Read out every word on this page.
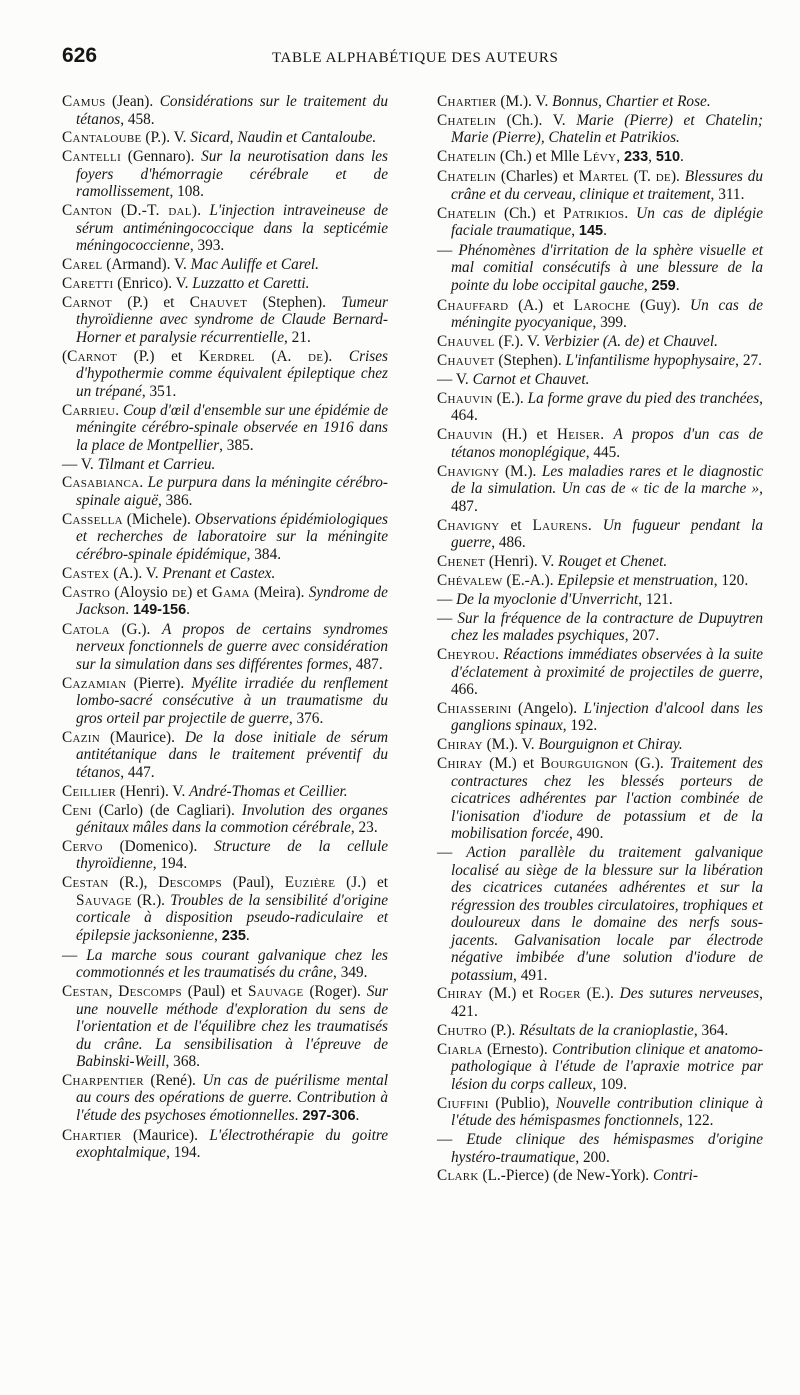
626	TABLE ALPHABÉTIQUE DES AUTEURS

Camus (Jean). Considérations sur le traitement du tétanos, 458.

Cantaloube (P.). V. Sicard, Naudin et Cantaloube.

Cantelli (Gennaro). Sur la neurotisation dans les foyers d'hémorragie cérébrale et de ramollissement, 108.

Canton (D.-T. dal). L'injection intraveineuse de sérum antiméningococcique dans la septicémie méningococcienne, 393.

Carel (Armand). V. Mac Auliffe et Carel.

Caretti (Enrico). V. Luzzatto et Caretti.

Carnot (P.) et Chauvet (Stephen). Tumeur thyroïdienne avec syndrome de Claude Bernard-Horner et paralysie récurrentielle, 21.

(Carnot (P.) et Kerdrel (A. de). Crises d'hypothermie comme équivalent épileptique chez un trépané, 351.

Carrieu. Coup d'œil d'ensemble sur une épidémie de méningite cérébro-spinale observée en 1916 dans la place de Montpellier, 385.

— V. Tilmant et Carrieu.

Casabianca. Le purpura dans la méningite cérébro-spinale aiguë, 386.

Cassella (Michele). Observations épidémiologiques et recherches de laboratoire sur la méningite cérébro-spinale épidémique, 384.

Castex (A.). V. Prenant et Castex.

Castro (Aloysio de) et Gama (Meira). Syndrome de Jackson. 149-156.

Catola (G.). A propos de certains syndromes nerveux fonctionnels de guerre avec considération sur la simulation dans ses différentes formes, 487.

Cazamian (Pierre). Myélite irradiée du renflement lombo-sacré consécutive à un traumatisme du gros orteil par projectile de guerre, 376.

Cazin (Maurice). De la dose initiale de sérum antitétanique dans le traitement préventif du tétanos, 447.

Ceillier (Henri). V. André-Thomas et Ceillier.

Ceni (Carlo) (de Cagliari). Involution des organes génitaux mâles dans la commotion cérébrale, 23.

Cervo (Domenico). Structure de la cellule thyroïdienne, 194.

Cestan (R.), Descomps (Paul), Euzière (J.) et Sauvage (R.). Troubles de la sensibilité d'origine corticale à disposition pseudo-radiculaire et épilepsie jacksonienne, 235.

— La marche sous courant galvanique chez les commotionnés et les traumatisés du crâne, 349.

Cestan, Descomps (Paul) et Sauvage (Roger). Sur une nouvelle méthode d'exploration du sens de l'orientation et de l'équilibre chez les traumatisés du crâne. La sensibilisation à l'épreuve de Babinski-Weill, 368.

Charpentier (René). Un cas de puérilisme mental au cours des opérations de guerre. Contribution à l'étude des psychoses émotionnelles. 297-306.

Chartier (Maurice). L'électrothérapie du goitre exophtalmique, 194.

Chartier (M.). V. Bonnus, Chartier et Rose.

Chatelin (Ch.). V. Marie (Pierre) et Chatelin; Marie (Pierre), Chatelin et Patrikios.

Chatelin (Ch.) et Mlle Lévy, 233, 510.

Chatelin (Charles) et Martel (T. de). Blessures du crâne et du cerveau, clinique et traitement, 311.

Chatelin (Ch.) et Patrikios. Un cas de diplégie faciale traumatique, 145.

— Phénomènes d'irritation de la sphère visuelle et mal comitial consécutifs à une blessure de la pointe du lobe occipital gauche, 259.

Chauffard (A.) et Laroche (Guy). Un cas de méningite pyocyanique, 399.

Chauvel (F.). V. Verbizier (A. de) et Chauvel.

Chauvet (Stephen). L'infantilisme hypophysaire, 27.

— V. Carnot et Chauvet.

Chauvin (E.). La forme grave du pied des tranchées, 464.

Chauvin (H.) et Heiser. A propos d'un cas de tétanos monoplégique, 445.

Chavigny (M.). Les maladies rares et le diagnostic de la simulation. Un cas de « tic de la marche », 487.

Chavigny et Laurens. Un fugueur pendant la guerre, 486.

Chenet (Henri). V. Rouget et Chenet.

Chévalew (E.-A.). Epilepsie et menstruation, 120.

— De la myoclonie d'Unverricht, 121.

— Sur la fréquence de la contracture de Dupuytren chez les malades psychiques, 207.

Cheyrou. Réactions immédiates observées à la suite d'éclatement à proximité de projectiles de guerre, 466.

Chiasserini (Angelo). L'injection d'alcool dans les ganglions spinaux, 192.

Chiray (M.). V. Bourguignon et Chiray.

Chiray (M.) et Bourguignon (G.). Traitement des contractures chez les blessés porteurs de cicatrices adhérentes par l'action combinée de l'ionisation d'iodure de potassium et de la mobilisation forcée, 490.

— Action parallèle du traitement galvanique localisé au siège de la blessure sur la libération des cicatrices cutanées adhérentes et sur la régression des troubles circulatoires, trophiques et douloureux dans le domaine des nerfs sous-jacents. Galvanisation locale par électrode négative imbibée d'une solution d'iodure de potassium, 491.

Chiray (M.) et Roger (E.). Des sutures nerveuses, 421.

Chutro (P.). Résultats de la cranioplastie, 364.

Ciarla (Ernesto). Contribution clinique et anatomo-pathologique à l'étude de l'apraxie motrice par lésion du corps calleux, 109.

Ciuffini (Publio), Nouvelle contribution clinique à l'étude des hémispasmes fonctionnels, 122.

— Etude clinique des hémispasmes d'origine hystéro-traumatique, 200.

Clark (L.-Pierce) (de New-York). Contri-
